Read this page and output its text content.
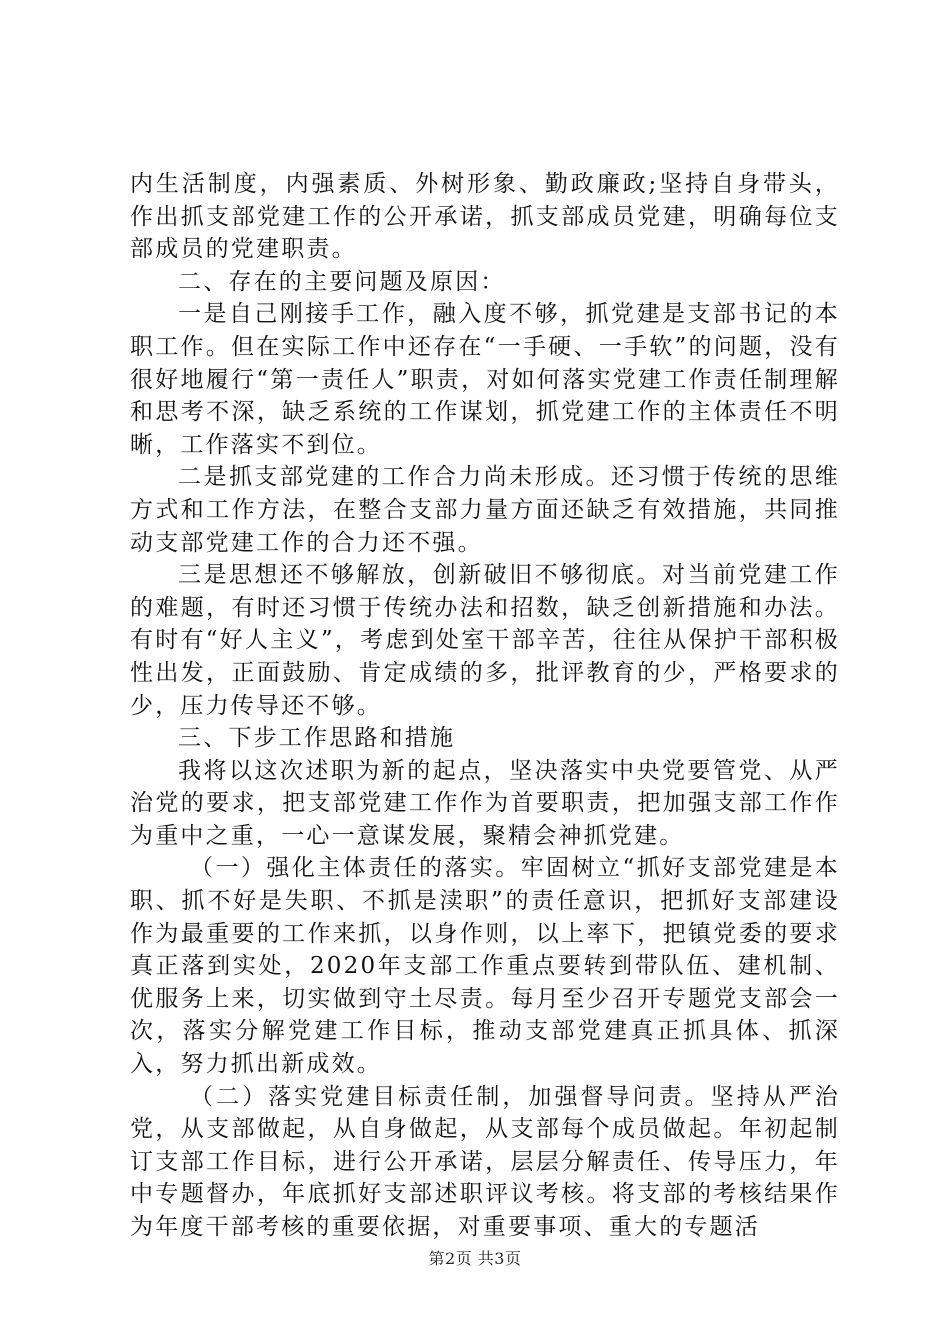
内生活制度，内强素质、外树形象、勤政廉政;坚持自身带头，作出抓支部党建工作的公开承诺，抓支部成员党建，明确每位支部成员的党建职责。

二、存在的主要问题及原因：

一是自己刚接手工作，融入度不够，抓党建是支部书记的本职工作。但在实际工作中还存在“一手硬、一手软”的问题，没有很好地履行“第一责任人”职责，对如何落实党建工作责任制理解和思考不深，缺乏系统的工作谋划，抓党建工作的主体责任不明晰，工作落实不到位。

二是抓支部党建的工作合力尚未形成。还习惯于传统的思维方式和工作方法，在整合支部力量方面还缺乏有效措施，共同推动支部党建工作的合力还不强。

三是思想还不够解放，创新破旧不够彻底。对当前党建工作的难题，有时还习惯于传统办法和招数，缺乏创新措施和办法。有时有“好人主义”，考虑到处室干部辛苦，往往从保护干部积极性出发，正面鼓励、肯定成绩的多，批评教育的少，严格要求的少，压力传导还不够。

三、下步工作思路和措施

我将以这次述职为新的起点，坚决落实中央党要管党、从严治党的要求，把支部党建工作作为首要职责，把加强支部工作作为重中之重，一心一意谋发展，聚精会神抓党建。

（一）强化主体责任的落实。牢固树立“抓好支部党建是本职、抓不好是失职、不抓是渎职”的责任意识，把抓好支部建设作为最重要的工作来抓，以身作则，以上率下，把镇党委的要求真正落到实处，2020年支部工作重点要转到带队伍、建机制、优服务上来，切实做到守土尽责。每月至少召开专题党支部会一次，落实分解党建工作目标，推动支部党建真正抓具体、抓深入，努力抓出新成效。

（二）落实党建目标责任制，加强督导问责。坚持从严治党，从支部做起，从自身做起，从支部每个成员做起。年初起制订支部工作目标，进行公开承诺，层层分解责任、传导压力，年中专题督办，年底抓好支部述职评议考核。将支部的考核结果作为年度干部考核的重要依据，对重要事项、重大的专题活

第2页 共3页
